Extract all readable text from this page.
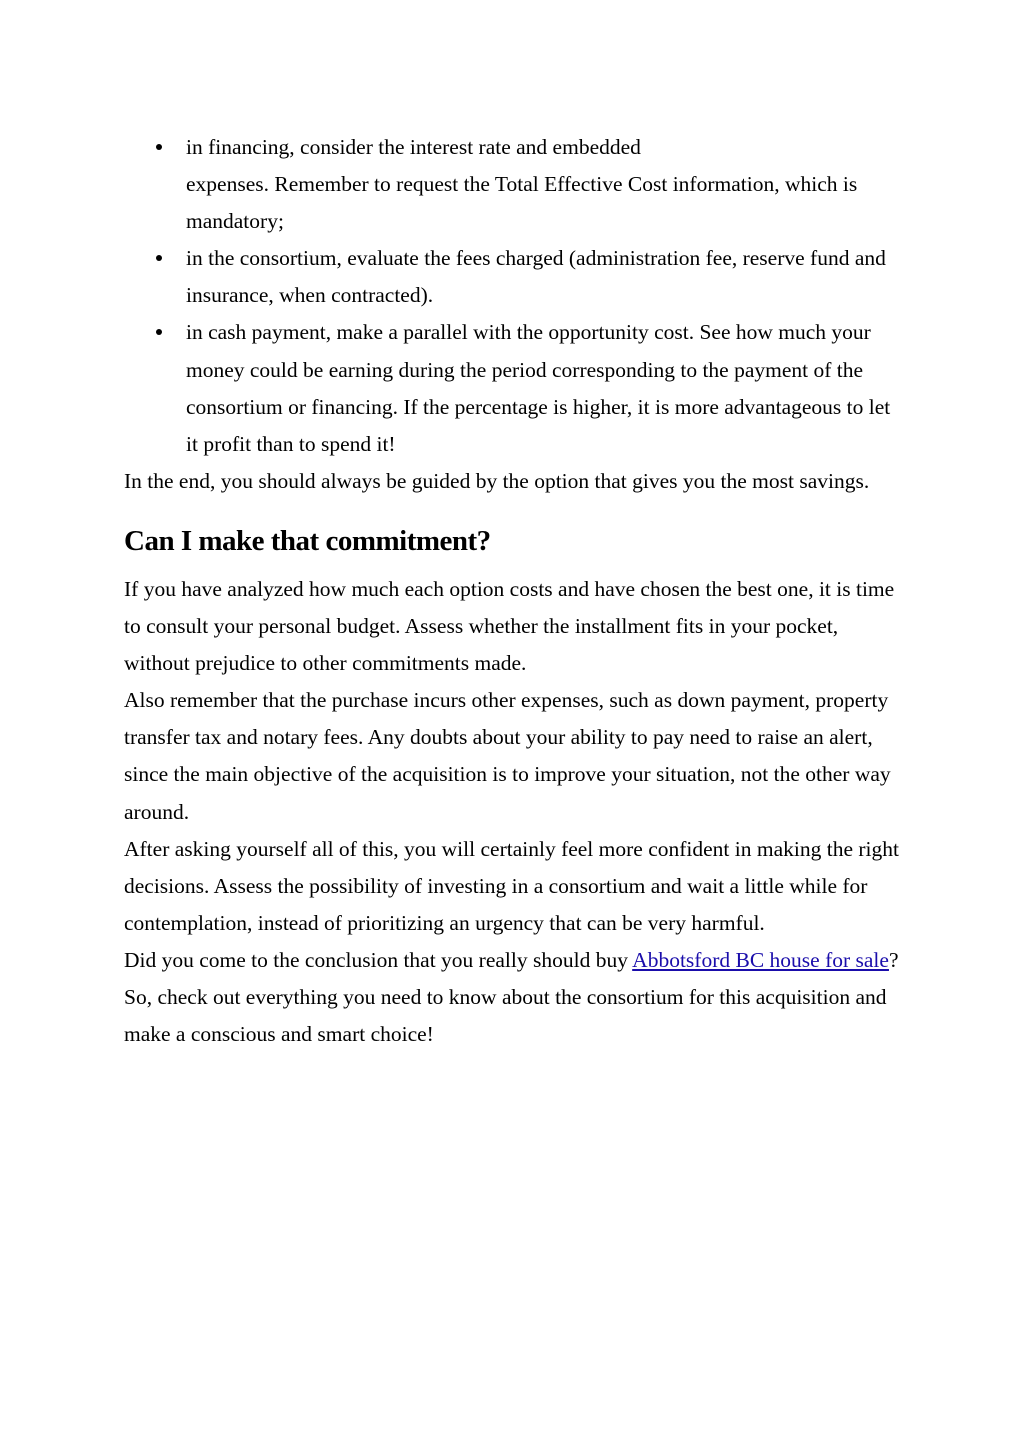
in financing, consider the interest rate and embedded
expenses. Remember to request the Total Effective Cost information, which is mandatory;
in the consortium, evaluate the fees charged (administration fee, reserve fund and insurance, when contracted).
in cash payment, make a parallel with the opportunity cost. See how much your money could be earning during the period corresponding to the payment of the consortium or financing. If the percentage is higher, it is more advantageous to let it profit than to spend it!

In the end, you should always be guided by the option that gives you the most savings.

Can I make that commitment?

If you have analyzed how much each option costs and have chosen the best one, it is time to consult your personal budget. Assess whether the installment fits in your pocket, without prejudice to other commitments made.

Also remember that the purchase incurs other expenses, such as down payment, property transfer tax and notary fees. Any doubts about your ability to pay need to raise an alert, since the main objective of the acquisition is to improve your situation, not the other way around.

After asking yourself all of this, you will certainly feel more confident in making the right decisions. Assess the possibility of investing in a consortium and wait a little while for contemplation, instead of prioritizing an urgency that can be very harmful.

Did you come to the conclusion that you really should buy Abbotsford BC house for sale? So, check out everything you need to know about the consortium for this acquisition and make a conscious and smart choice!
